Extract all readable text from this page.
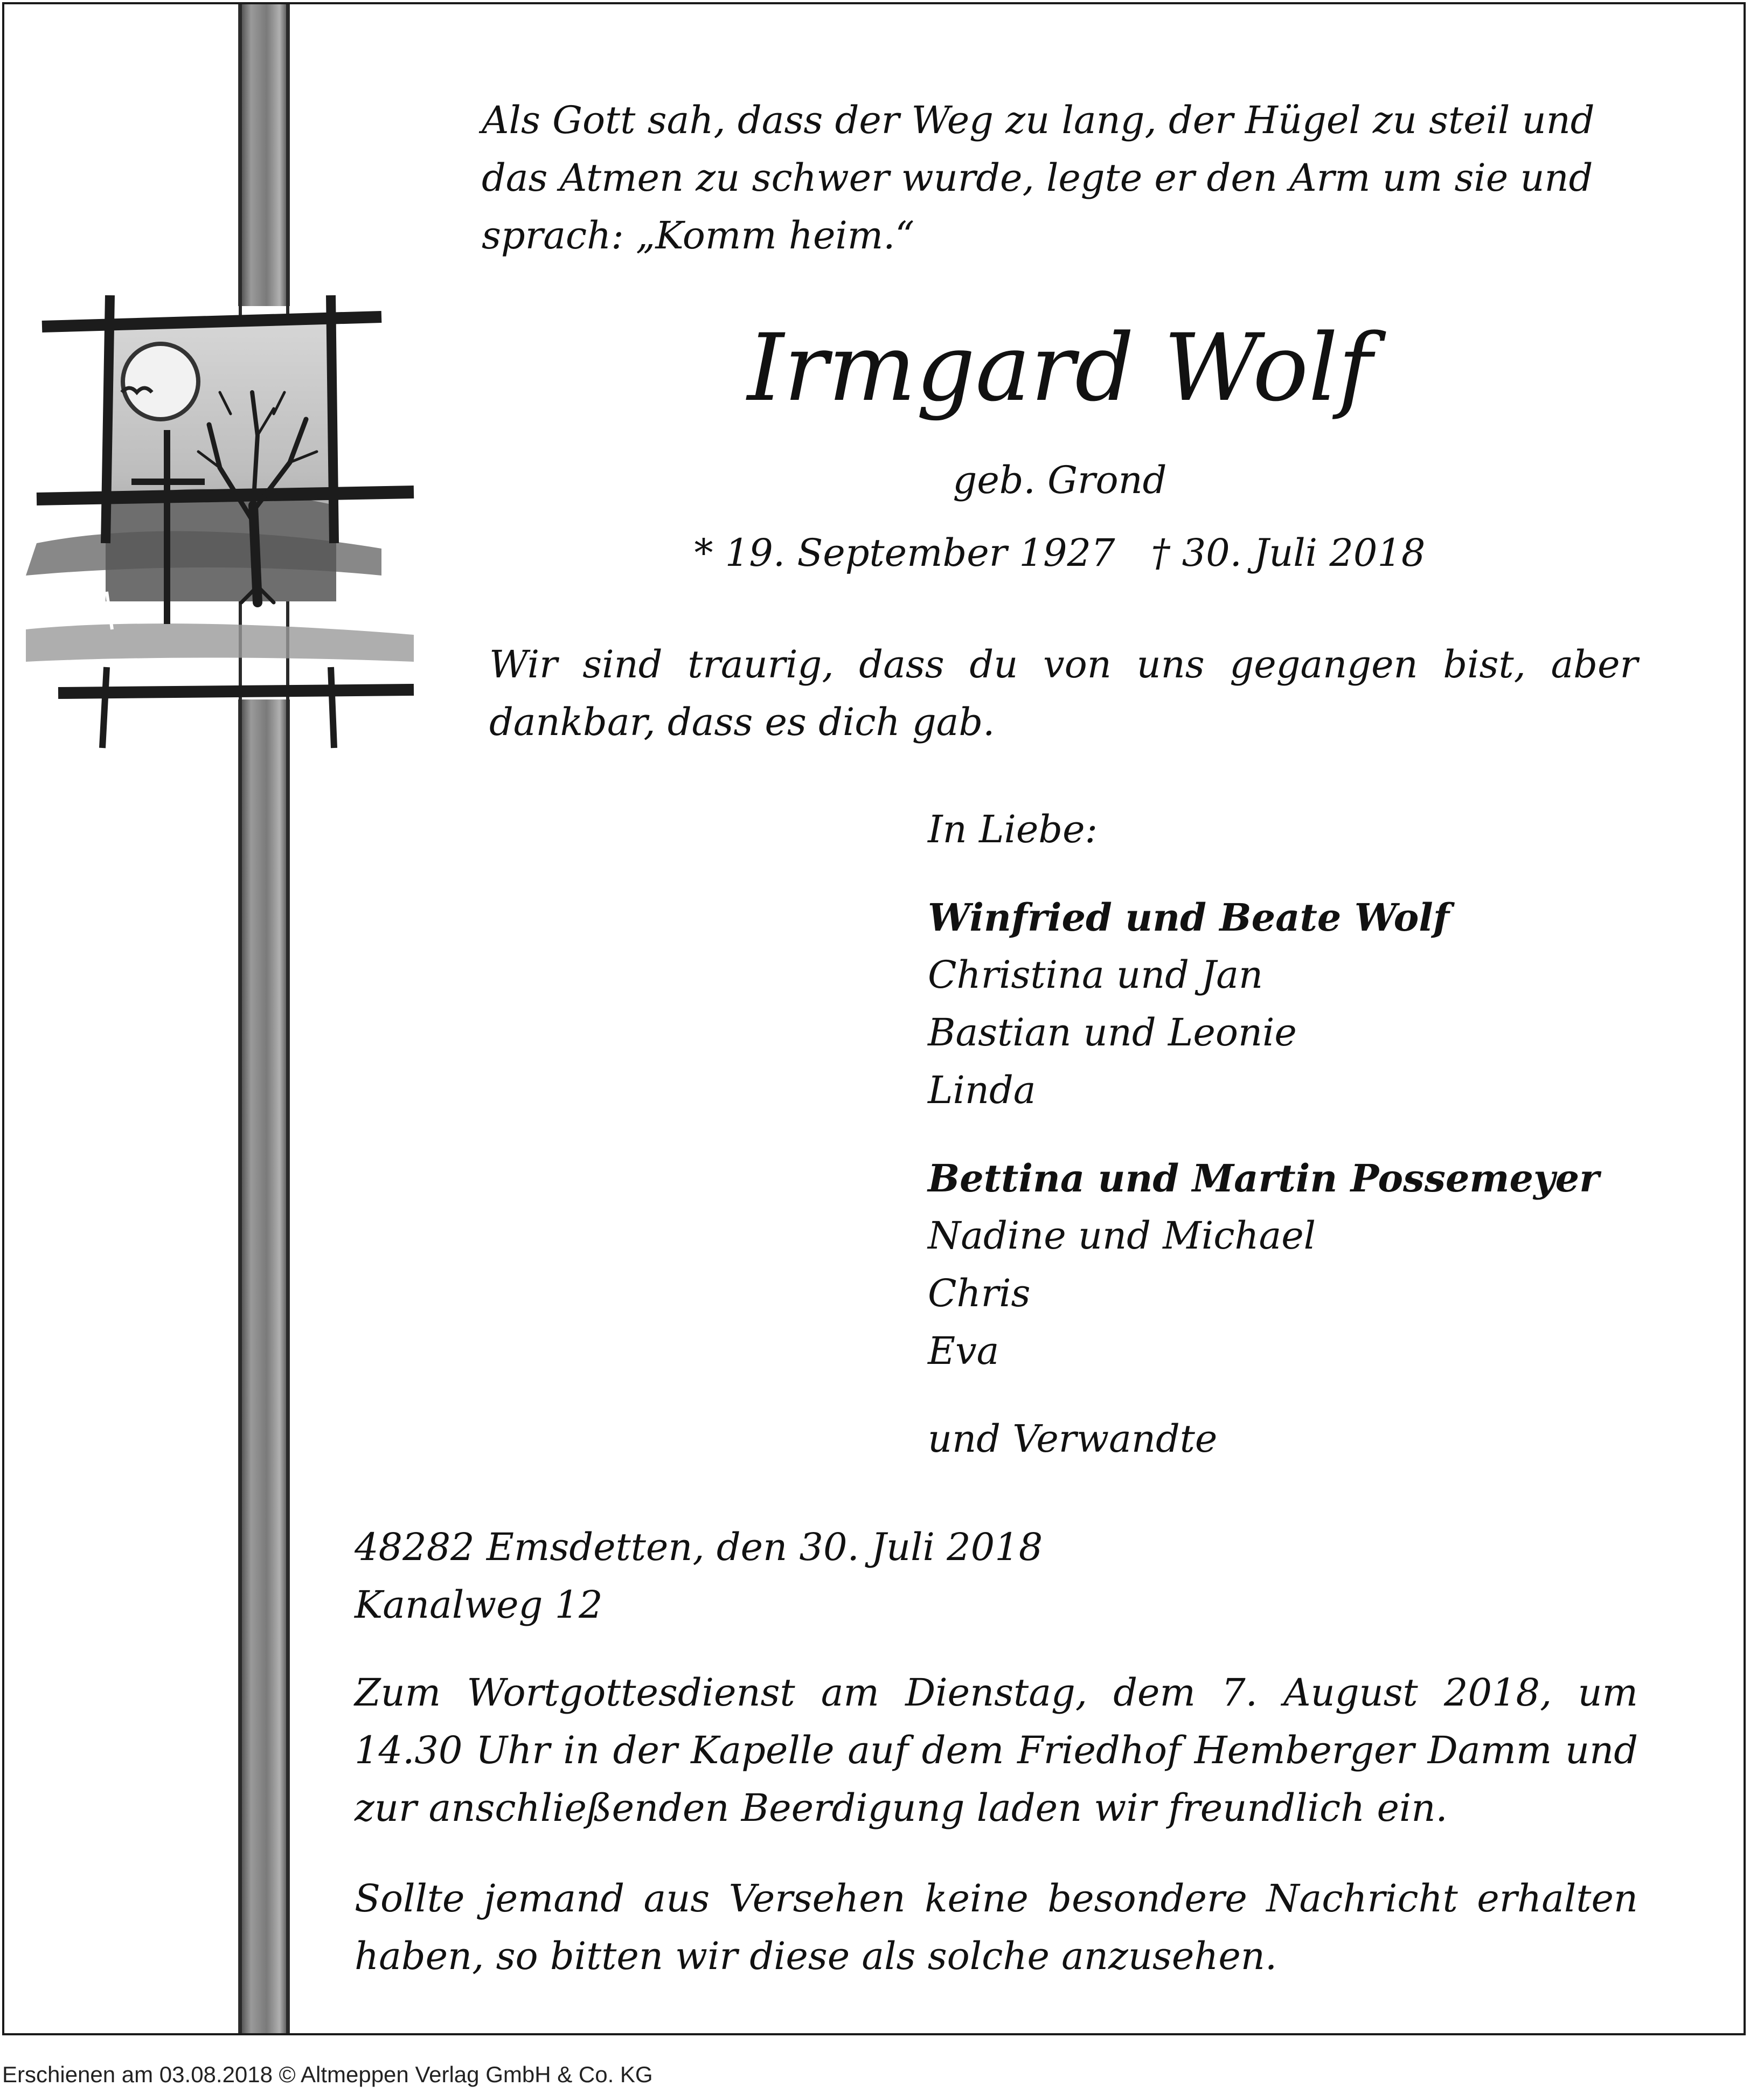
Als Gott sah, dass der Weg zu lang, der Hügel zu steil und
das Atmen zu schwer wurde, legte er den Arm um sie und
sprach: „Komm heim.“
Irmgard Wolf
geb. Grond
* 19. September 1927 † 30. Juli 2018

Wir sind traurig, dass du von uns gegangen bist, aber

dankbar, dass es dich gab.

In Liebe:
Winfried und Beate Wolf
Christina und Jan
Bastian und Leonie
Linda
Bettina und Martin Possemeyer
Nadine und Michael
Chris
Eva
und Verwandte
48282 Emsdetten, den 30. Juli 2018
Kanalweg 12

Zum Wortgottesdienst am Dienstag, dem 7. August 2018, um

14.30 Uhr in der Kapelle auf dem Friedhof Hemberger Damm und

zur anschließenden Beerdigung laden wir freundlich ein.

Sollte jemand aus Versehen keine besondere Nachricht erhalten

haben, so bitten wir diese als solche anzusehen.

Erschienen am 03.08.2018 © Altmeppen Verlag GmbH & Co. KG
